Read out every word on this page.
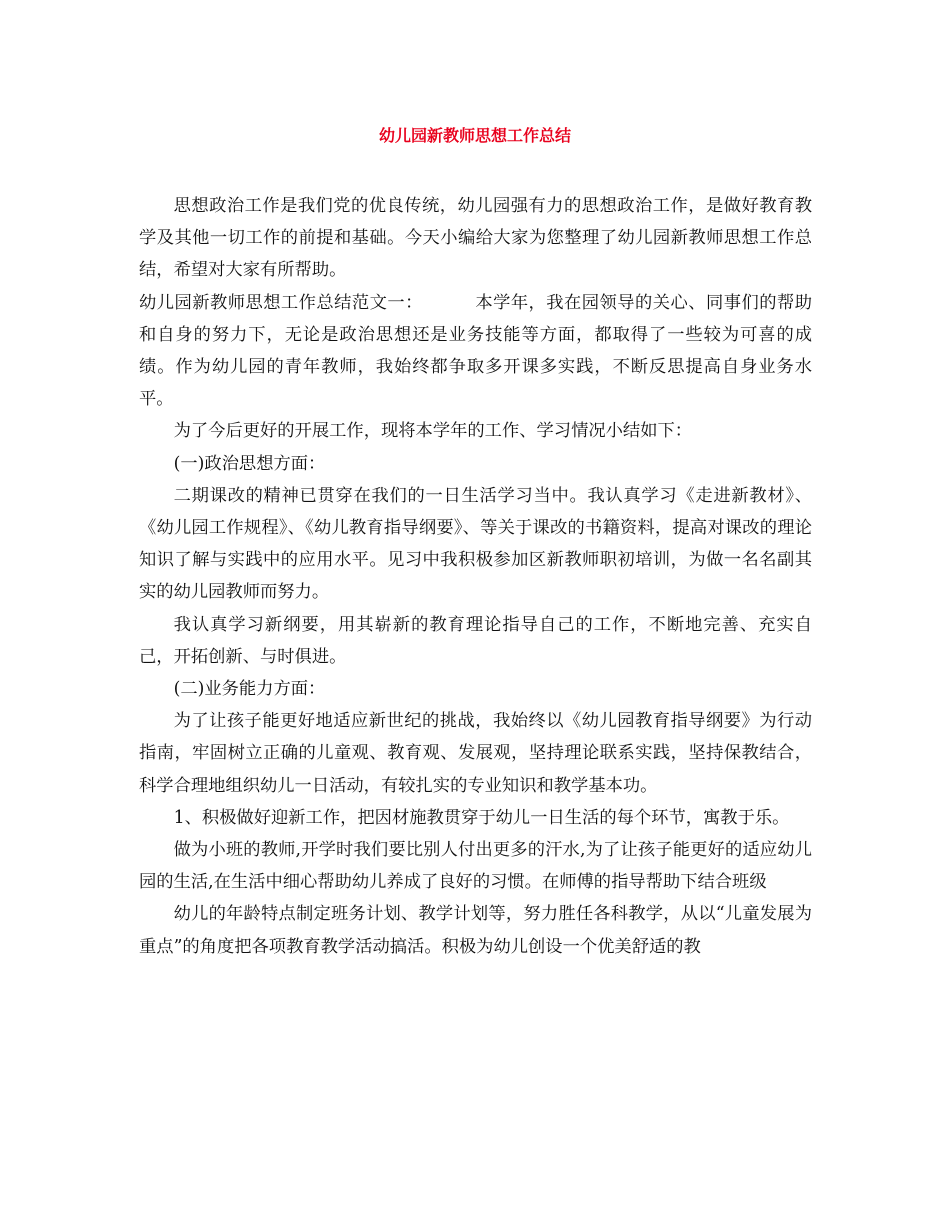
幼儿园新教师思想工作总结

思想政治工作是我们党的优良传统，幼儿园强有力的思想政治工作，是做好教育教学及其他一切工作的前提和基础。今天小编给大家为您整理了幼儿园新教师思想工作总结，希望对大家有所帮助。

幼儿园新教师思想工作总结范文一：	本学年，我在园领导的关心、同事们的帮助和自身的努力下，无论是政治思想还是业务技能等方面，都取得了一些较为可喜的成绩。作为幼儿园的青年教师，我始终都争取多开课多实践，不断反思提高自身业务水平。

为了今后更好的开展工作，现将本学年的工作、学习情况小结如下：

(一)政治思想方面：

二期课改的精神已贯穿在我们的一日生活学习当中。我认真学习《走进新教材》、《幼儿园工作规程》、《幼儿教育指导纲要》、等关于课改的书籍资料，提高对课改的理论知识了解与实践中的应用水平。见习中我积极参加区新教师职初培训，为做一名名副其实的幼儿园教师而努力。

我认真学习新纲要，用其崭新的教育理论指导自己的工作，不断地完善、充实自己，开拓创新、与时俱进。

(二)业务能力方面：

为了让孩子能更好地适应新世纪的挑战，我始终以《幼儿园教育指导纲要》为行动指南，牢固树立正确的儿童观、教育观、发展观，坚持理论联系实践，坚持保教结合，科学合理地组织幼儿一日活动，有较扎实的专业知识和教学基本功。

1、积极做好迎新工作，把因材施教贯穿于幼儿一日生活的每个环节，寓教于乐。

做为小班的教师,开学时我们要比别人付出更多的汗水,为了让孩子能更好的适应幼儿园的生活,在生活中细心帮助幼儿养成了良好的习惯。在师傅的指导帮助下结合班级

幼儿的年龄特点制定班务计划、教学计划等，努力胜任各科教学，从以“儿童发展为重点”的角度把各项教育教学活动搞活。积极为幼儿创设一个优美舒适的教
